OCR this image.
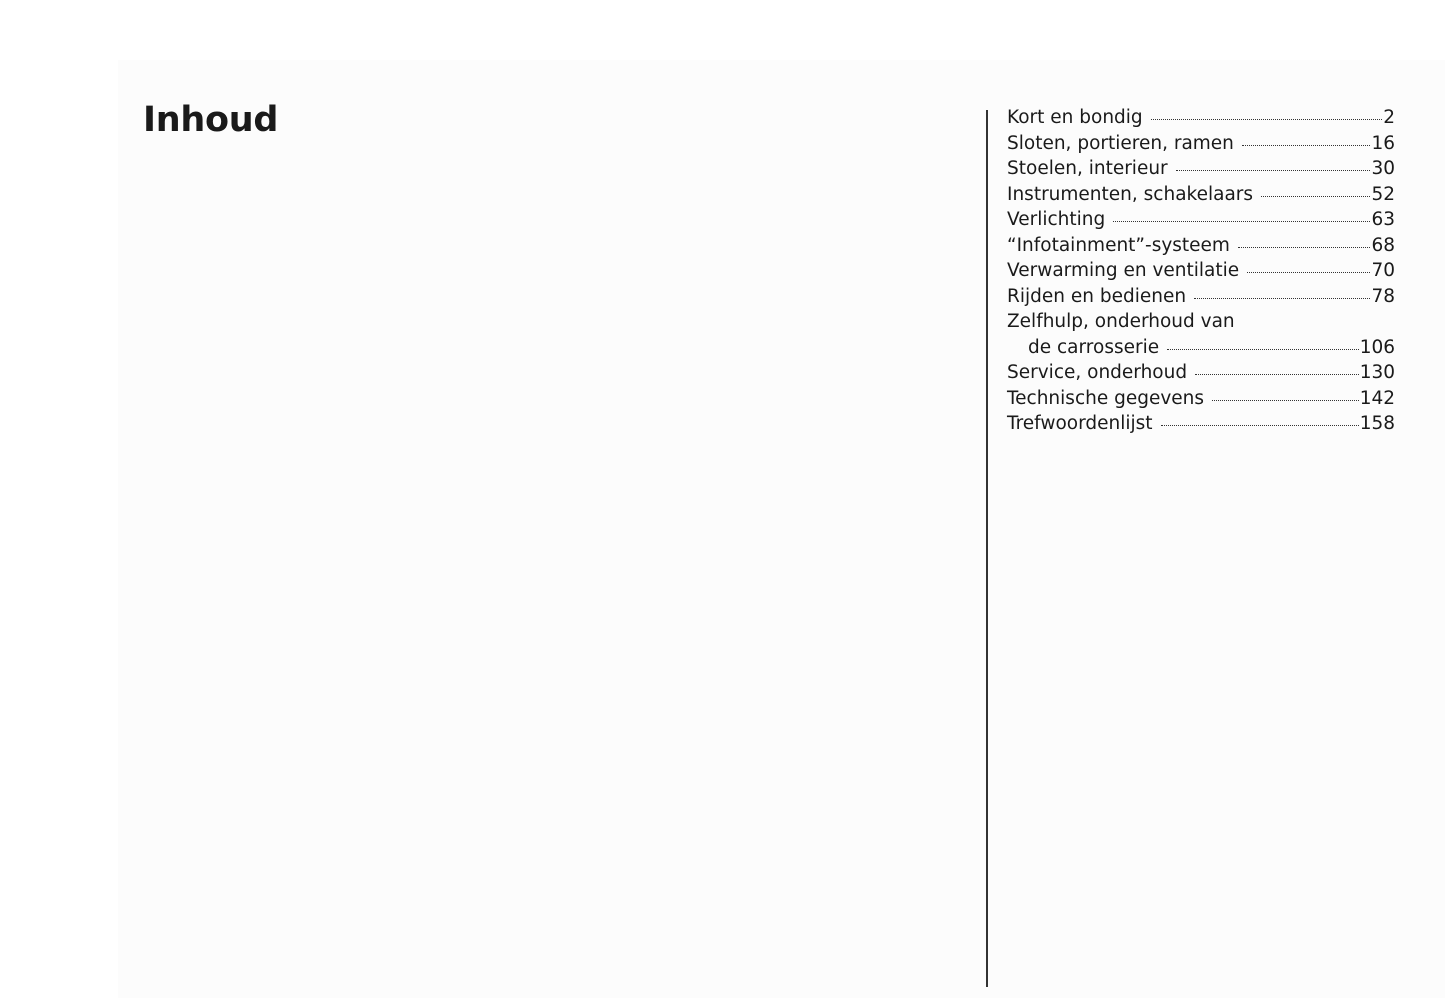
Inhoud	Kort en bondig	2
Sloten, portieren, ramen	16
Stoelen, interieur	30
Instrumenten, schakelaars	52
Verlichting	63
“Infotainment”-systeem	68
Verwarming en ventilatie	70
Rijden en bedienen	78
Zelfhulp, onderhoud van
de carrosserie	106
Service, onderhoud	130
Technische gegevens	142
Trefwoordenlijst	158
